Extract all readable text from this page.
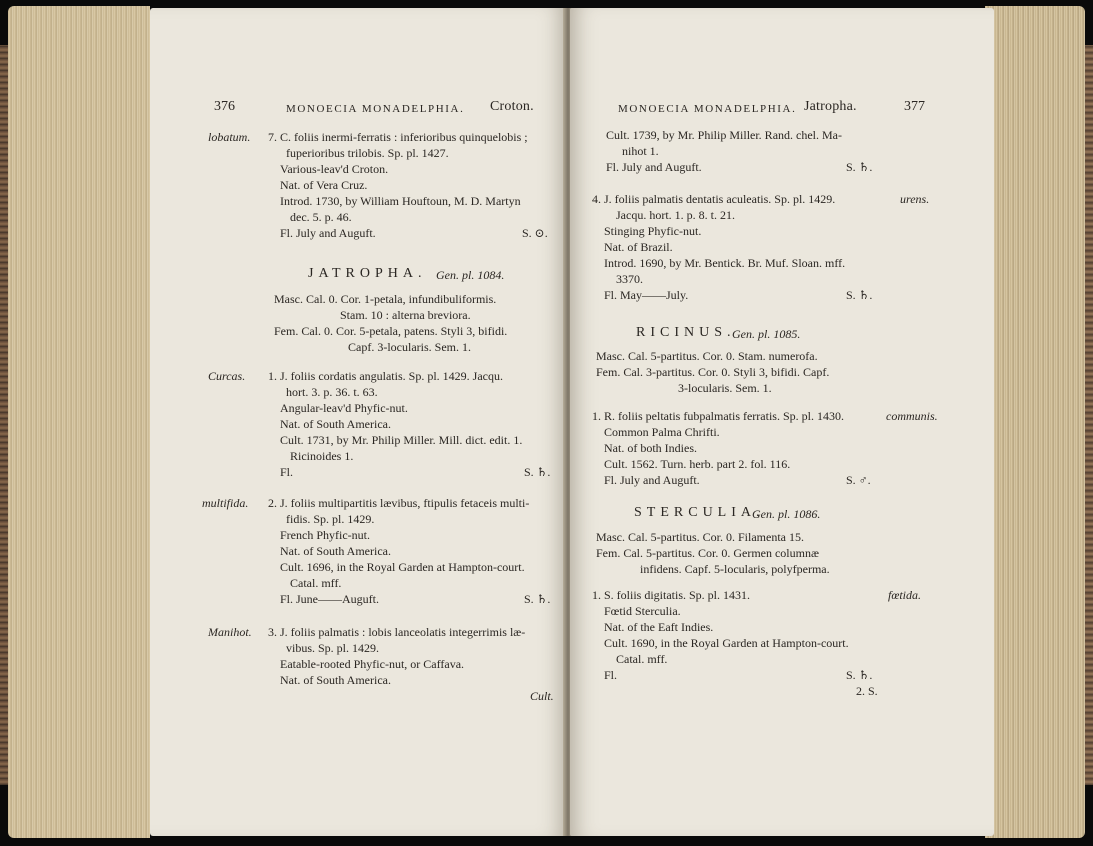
376	MONOECIA MONADELPHIA. Croton.
lobatum. 7. C. foliis inermi-ferratis : inferioribus quinquelobis ;
fuperioribus trilobis. Sp. pl. 1427.
Various-leav'd Croton.
Nat. of Vera Cruz.
Introd. 1730, by William Houftoun, M. D. Martyn
dec. 5. p. 46.
Fl. July and Auguft.	S. ⊙.
JATROPHA. Gen. pl. 1084.
Masc. Cal. 0. Cor. 1-petala, infundibuliformis.
Stam. 10 : alterna breviora.
Fem. Cal. 0. Cor. 5-petala, patens. Styli 3, bifidi.
Capf. 3-locularis. Sem. 1.
Curcas. 1. J. foliis cordatis angulatis. Sp. pl. 1429. Jacqu.
hort. 3. p. 36. t. 63.
Angular-leav'd Phyfic-nut.
Nat. of South America.
Cult. 1731, by Mr. Philip Miller. Mill. dict. edit. 1.
Ricinoides 1.
Fl.	S. ♄.
multifida. 2. J. foliis multipartitis lævibus, ftipulis fetaceis multi-
fidis. Sp. pl. 1429.
French Phyfic-nut.
Nat. of South America.
Cult. 1696, in the Royal Garden at Hampton-court.
Catal. mff.
Fl. June——Auguft.	S. ♄.
Manihot. 3. J. foliis palmatis : lobis lanceolatis integerrimis læ-
vibus. Sp. pl. 1429.
Eatable-rooted Phyfic-nut, or Caffava.
Nat. of South America.
Cult.
MONOECIA MONADELPHIA. Jatropha.	377
Cult. 1739, by Mr. Philip Miller. Rand. chel. Ma-
nihot 1.
Fl. July and Auguft.	S. ♄.
4. J. foliis palmatis dentatis aculeatis. Sp. pl. 1429.	urens.
Jacqu. hort. 1. p. 8. t. 21.
Stinging Phyfic-nut.
Nat. of Brazil.
Introd. 1690, by Mr. Bentick. Br. Muf. Sloan. mff.
3370.
Fl. May——July.	S. ♄.
RICINUS.
Gen. pl. 1085.
Masc. Cal. 5-partitus. Cor. 0. Stam. numerofa.
Fem. Cal. 3-partitus. Cor. 0. Styli 3, bifidi. Capf.
3-locularis. Sem. 1.
1. R. foliis peltatis fubpalmatis ferratis. Sp. pl. 1430.	communis.
Common Palma Chrifti.
Nat. of both Indies.
Cult. 1562. Turn. herb. part 2. fol. 116.
Fl. July and Auguft.	S. ♂.
STERCULIA.
Gen. pl. 1086.
Masc. Cal. 5-partitus. Cor. 0. Filamenta 15.
Fem. Cal. 5-partitus. Cor. 0. Germen columnæ
infidens. Capf. 5-locularis, polyfperma.
1. S. foliis digitatis. Sp. pl. 1431.	fœtida.
Fœtid Sterculia.
Nat. of the Eaft Indies.
Cult. 1690, in the Royal Garden at Hampton-court.
Catal. mff.
Fl.	S. ♄.
2. S.
